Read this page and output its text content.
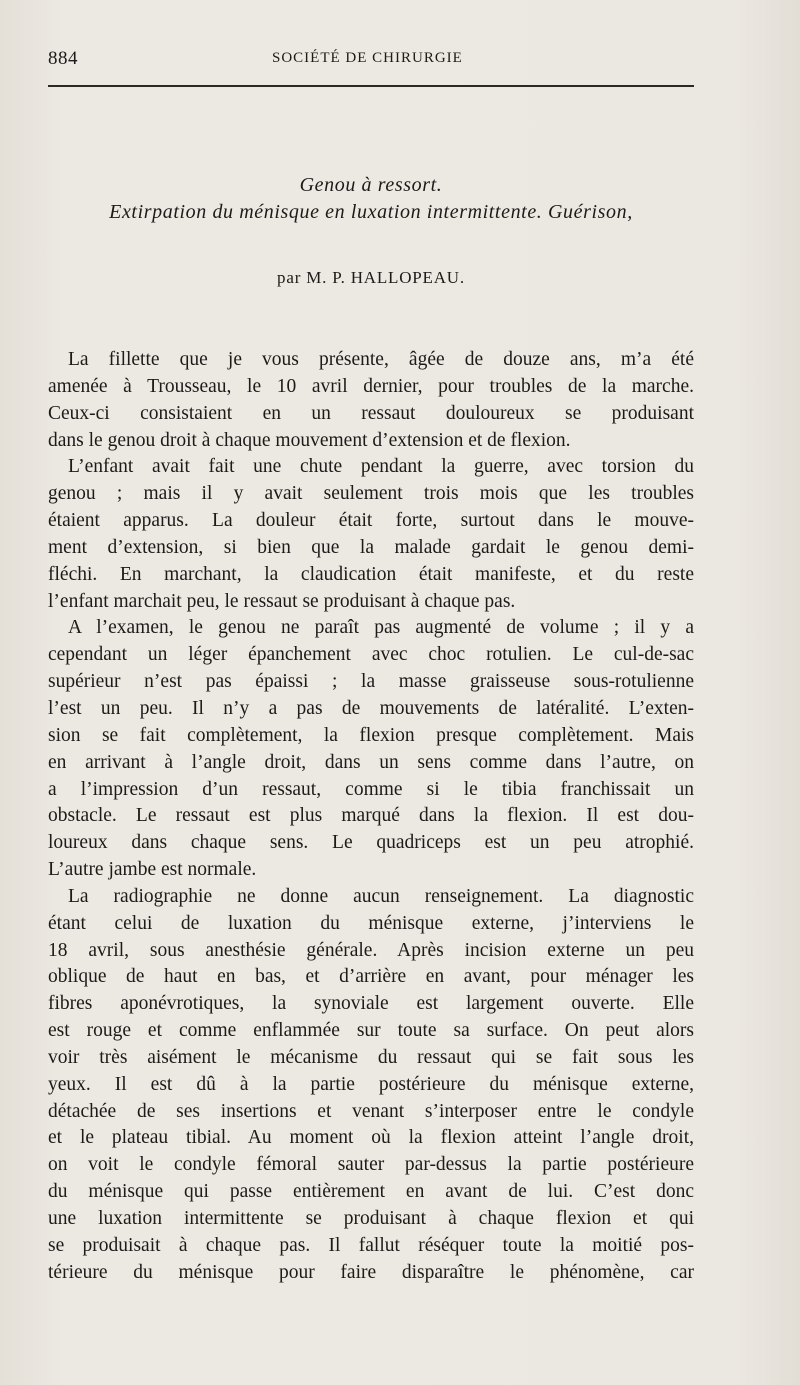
884	SOCIÉTÉ DE CHIRURGIE
Genou à ressort.
Extirpation du ménisque en luxation intermittente. Guérison,
par M. P. HALLOPEAU.
La fillette que je vous présente, âgée de douze ans, m’a été
amenée à Trousseau, le 10 avril dernier, pour troubles de la marche.
Ceux-ci consistaient en un ressaut douloureux se produisant
dans le genou droit à chaque mouvement d’extension et de flexion.
L’enfant avait fait une chute pendant la guerre, avec torsion du
genou ; mais il y avait seulement trois mois que les troubles
étaient apparus. La douleur était forte, surtout dans le mouve-
ment d’extension, si bien que la malade gardait le genou demi-
fléchi. En marchant, la claudication était manifeste, et du reste
l’enfant marchait peu, le ressaut se produisant à chaque pas.
A l’examen, le genou ne paraît pas augmenté de volume ; il y a
cependant un léger épanchement avec choc rotulien. Le cul-de-sac
supérieur n’est pas épaissi ; la masse graisseuse sous-rotulienne
l’est un peu. Il n’y a pas de mouvements de latéralité. L’exten-
sion se fait complètement, la flexion presque complètement. Mais
en arrivant à l’angle droit, dans un sens comme dans l’autre, on
a l’impression d’un ressaut, comme si le tibia franchissait un
obstacle. Le ressaut est plus marqué dans la flexion. Il est dou-
loureux dans chaque sens. Le quadriceps est un peu atrophié.
L’autre jambe est normale.
La radiographie ne donne aucun renseignement. La diagnostic
étant celui de luxation du ménisque externe, j’interviens le
18 avril, sous anesthésie générale. Après incision externe un peu
oblique de haut en bas, et d’arrière en avant, pour ménager les
fibres aponévrotiques, la synoviale est largement ouverte. Elle
est rouge et comme enflammée sur toute sa surface. On peut alors
voir très aisément le mécanisme du ressaut qui se fait sous les
yeux. Il est dû à la partie postérieure du ménisque externe,
détachée de ses insertions et venant s’interposer entre le condyle
et le plateau tibial. Au moment où la flexion atteint l’angle droit,
on voit le condyle fémoral sauter par-dessus la partie postérieure
du ménisque qui passe entièrement en avant de lui. C’est donc
une luxation intermittente se produisant à chaque flexion et qui
se produisait à chaque pas. Il fallut réséquer toute la moitié pos-
térieure du ménisque pour faire disparaître le phénomène, car
